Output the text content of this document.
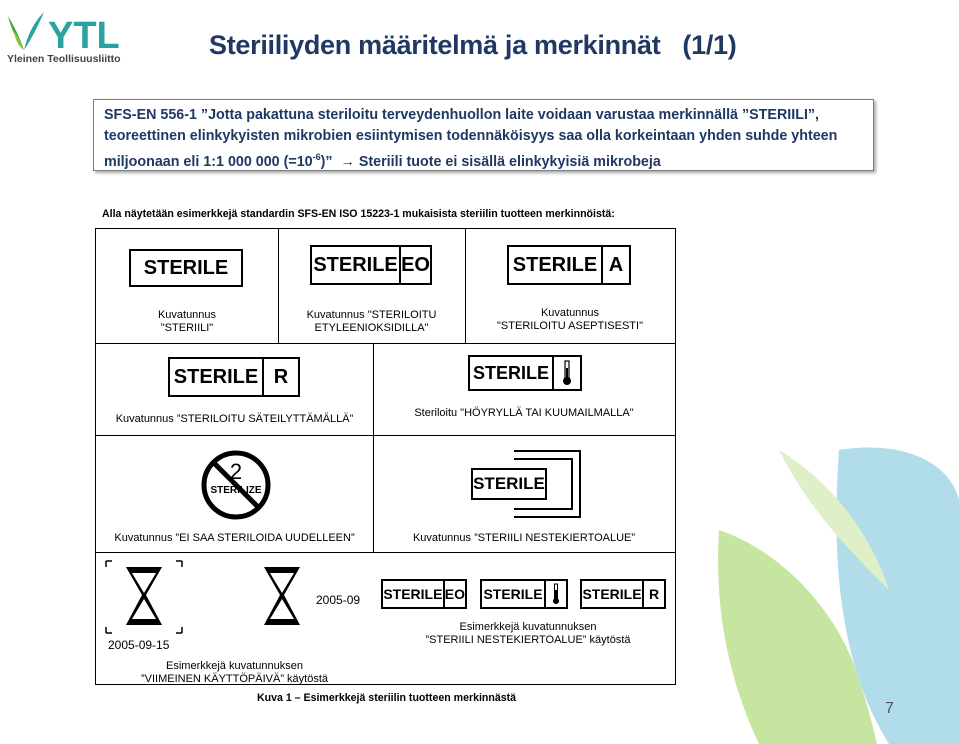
YTL
Yleinen Teollisuusliitto	Steriiliyden määritelmä ja merkinnät (1/1)
SFS-EN 556-1 ”Jotta pakattuna steriloitu terveydenhuollon laite voidaan varustaa merkinnällä ”STERIILI”,
teoreettinen elinkykyisten mikrobien esiintymisen todennäköisyys saa olla korkeintaan yhden suhde yhteen
miljoonaan eli 1:1 000 000 $(=10^{-6})$” → Steriili tuote ei sisällä elinkykyisiä mikrobeja
Alla näytetään esimerkkejä standardin SFS-EN ISO 15223-1 mukaisista steriilin tuotteen merkinnöistä:
STERILE
Kuvatunnus
"STERIILI"
STERILE EO
Kuvatunnus "STERILOITU
ETYLEENIOKSIDILLA"
STERILE A
Kuvatunnus
"STERILOITU ASEPTISESTI"
STERILE R
Kuvatunnus ”STERILOITU SÄTEILYTTÄMÄLLÄ”
STERILE
Steriloitu "HÖYRYLLÄ TAI KUUMAILMALLA"
2
STERILIZE
Kuvatunnus ”EI SAA STERILOIDA UUDELLEEN”
STERILE
Kuvatunnus ”STERIILI NESTEKIERTOALUE”
2005-09-15
2005-09
Esimerkkejä kuvatunnuksen
”VIIMEINEN KÄYTTÖPÄIVÄ” käytöstä
STERILE EO STERILE	STERILE R
Esimerkkejä kuvatunnuksen
”STERIILI NESTEKIERTOALUE” käytöstä
Kuva 1 – Esimerkkejä steriilin tuotteen merkinnästä
7
